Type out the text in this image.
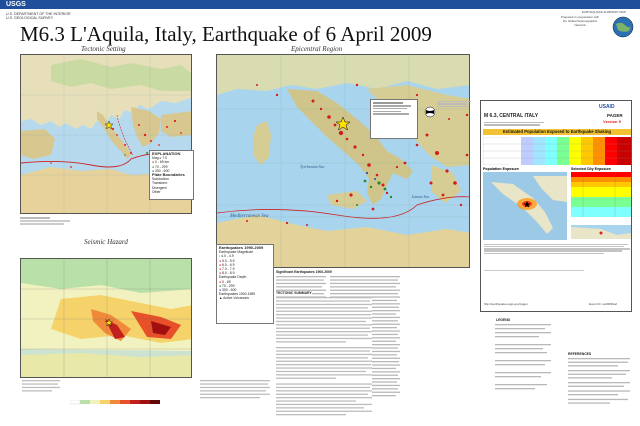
USGS
U.S. DEPARTMENT OF THE INTERIOR
U.S. GEOLOGICAL SURVEY
EARTHQUAKE SUMMARY MAP
Prepared in cooperation with the Global Seismographic Network
M6.3 L'Aquila, Italy, Earthquake of 6 April 2009
Tectonic Setting
EXPLANATION
Mag ≥ 7.0
● 0 - 69 km
● 70 - 299
● 300 - 600
Plate Boundaries
Subduction
Transform
Divergent
Other
Seismic Hazard
Epicentral Region
Tyrrhenian Sea
Ionian Sea
Mediterranean Sea
Earthquakes 1990-2009
Earthquake Magnitude
• 4.0 - 4.9
● 5.0 - 5.9
● 6.0 - 6.9
● 7.0 - 7.9
● 8.0 - 8.9
Earthquake Depth
● 0 - 69
● 70 - 299
● 300 - 600
Earthquakes 1900-1989
▲ Active Volcanoes
USAID
PAGER
Version 5
M 6.3, CENTRAL ITALY
Estimated Population Exposed to Earthquake Shaking
Population Exposure	Selected City Exposure
http://earthquake.usgs.gov/pager	Event ID: us2009fcaf
Significant Earthquakes 1900-2009
TECTONIC SUMMARY
LEGEND
REFERENCES
